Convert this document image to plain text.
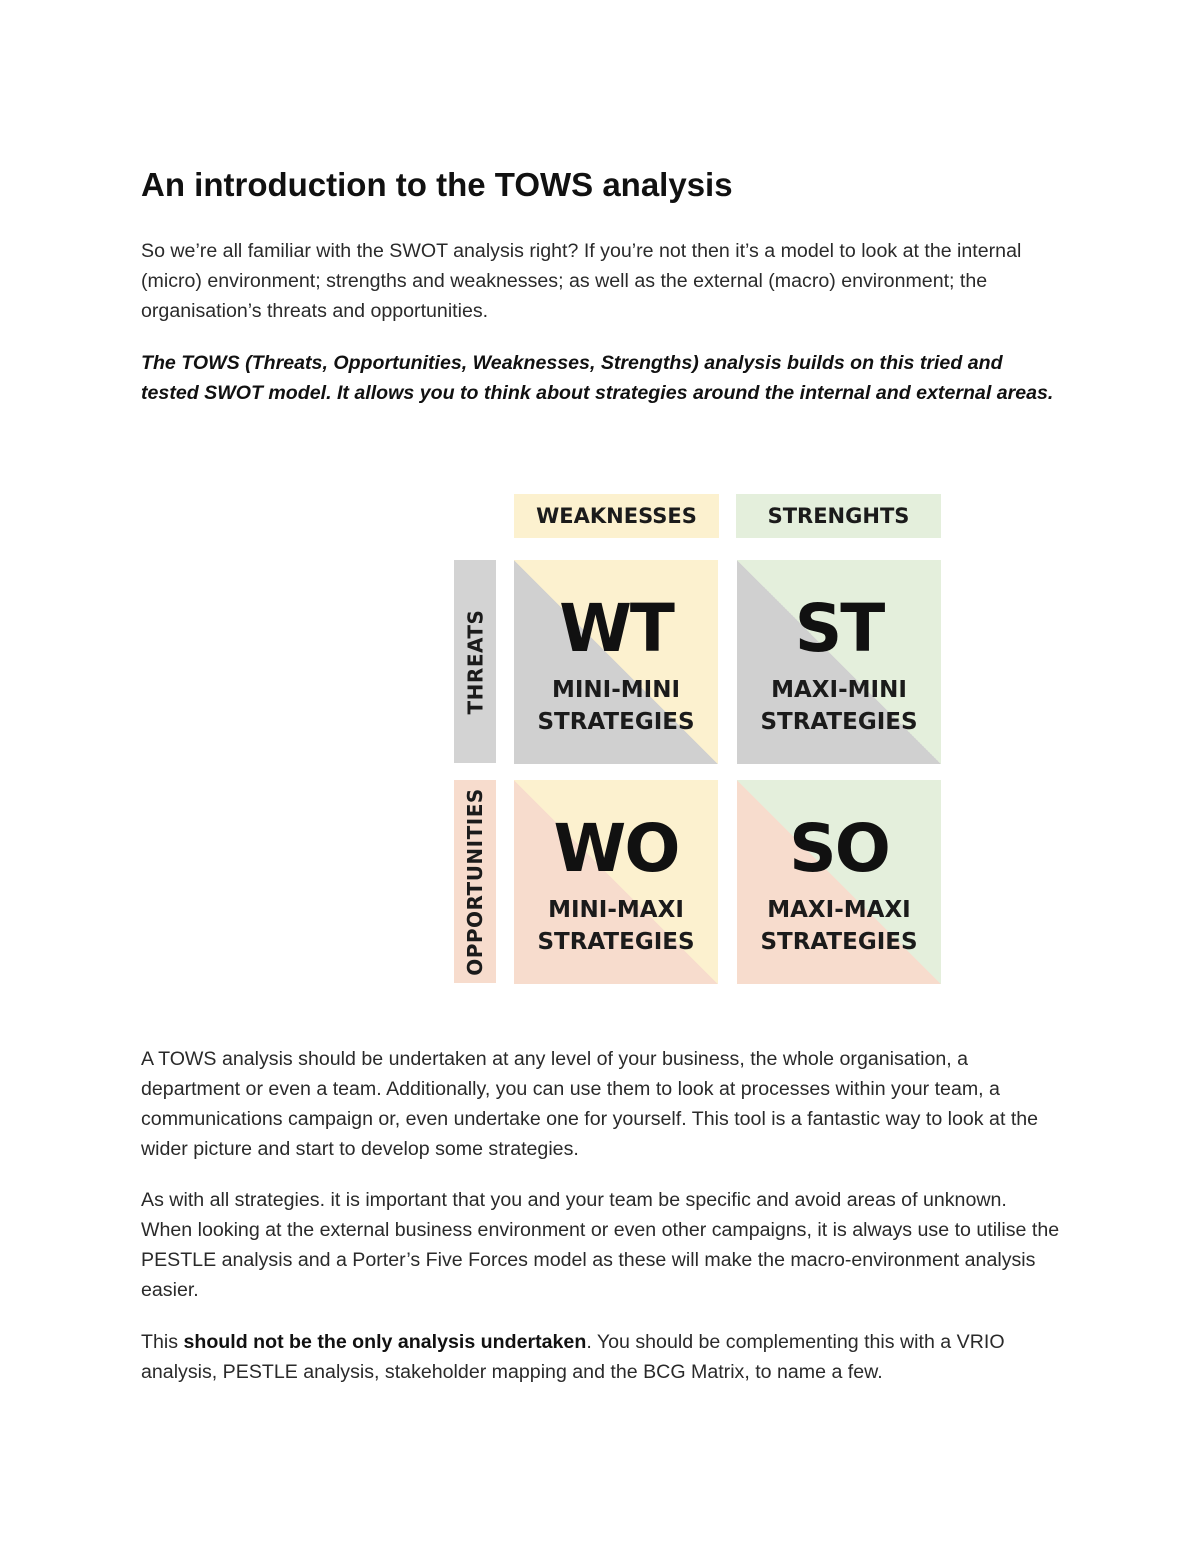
An introduction to the TOWS analysis

So we’re all familiar with the SWOT analysis right? If you’re not then it’s a model to look at the internal (micro) environment; strengths and weaknesses; as well as the external (macro) environment; the organisation’s threats and opportunities.

The TOWS (Threats, Opportunities, Weaknesses, Strengths) analysis builds on this tried and tested SWOT model. It allows you to think about strategies around the internal and external areas.

WEAKNESSES	STRENGHTS
THREATS
OPPORTUNITIES
WT
MINI-MINI
STRATEGIES
ST
MAXI-MINI
STRATEGIES
WO
MINI-MAXI
STRATEGIES
SO
MAXI-MAXI
STRATEGIES

A TOWS analysis should be undertaken at any level of your business, the whole organisation, a department or even a team. Additionally, you can use them to look at processes within your team, a communications campaign or, even undertake one for yourself. This tool is a fantastic way to look at the wider picture and start to develop some strategies.

As with all strategies. it is important that you and your team be specific and avoid areas of unknown. When looking at the external business environment or even other campaigns, it is always use to utilise the PESTLE analysis and a Porter’s Five Forces model as these will make the macro-environment analysis easier.

This should not be the only analysis undertaken. You should be complementing this with a VRIO analysis, PESTLE analysis, stakeholder mapping and the BCG Matrix, to name a few.
